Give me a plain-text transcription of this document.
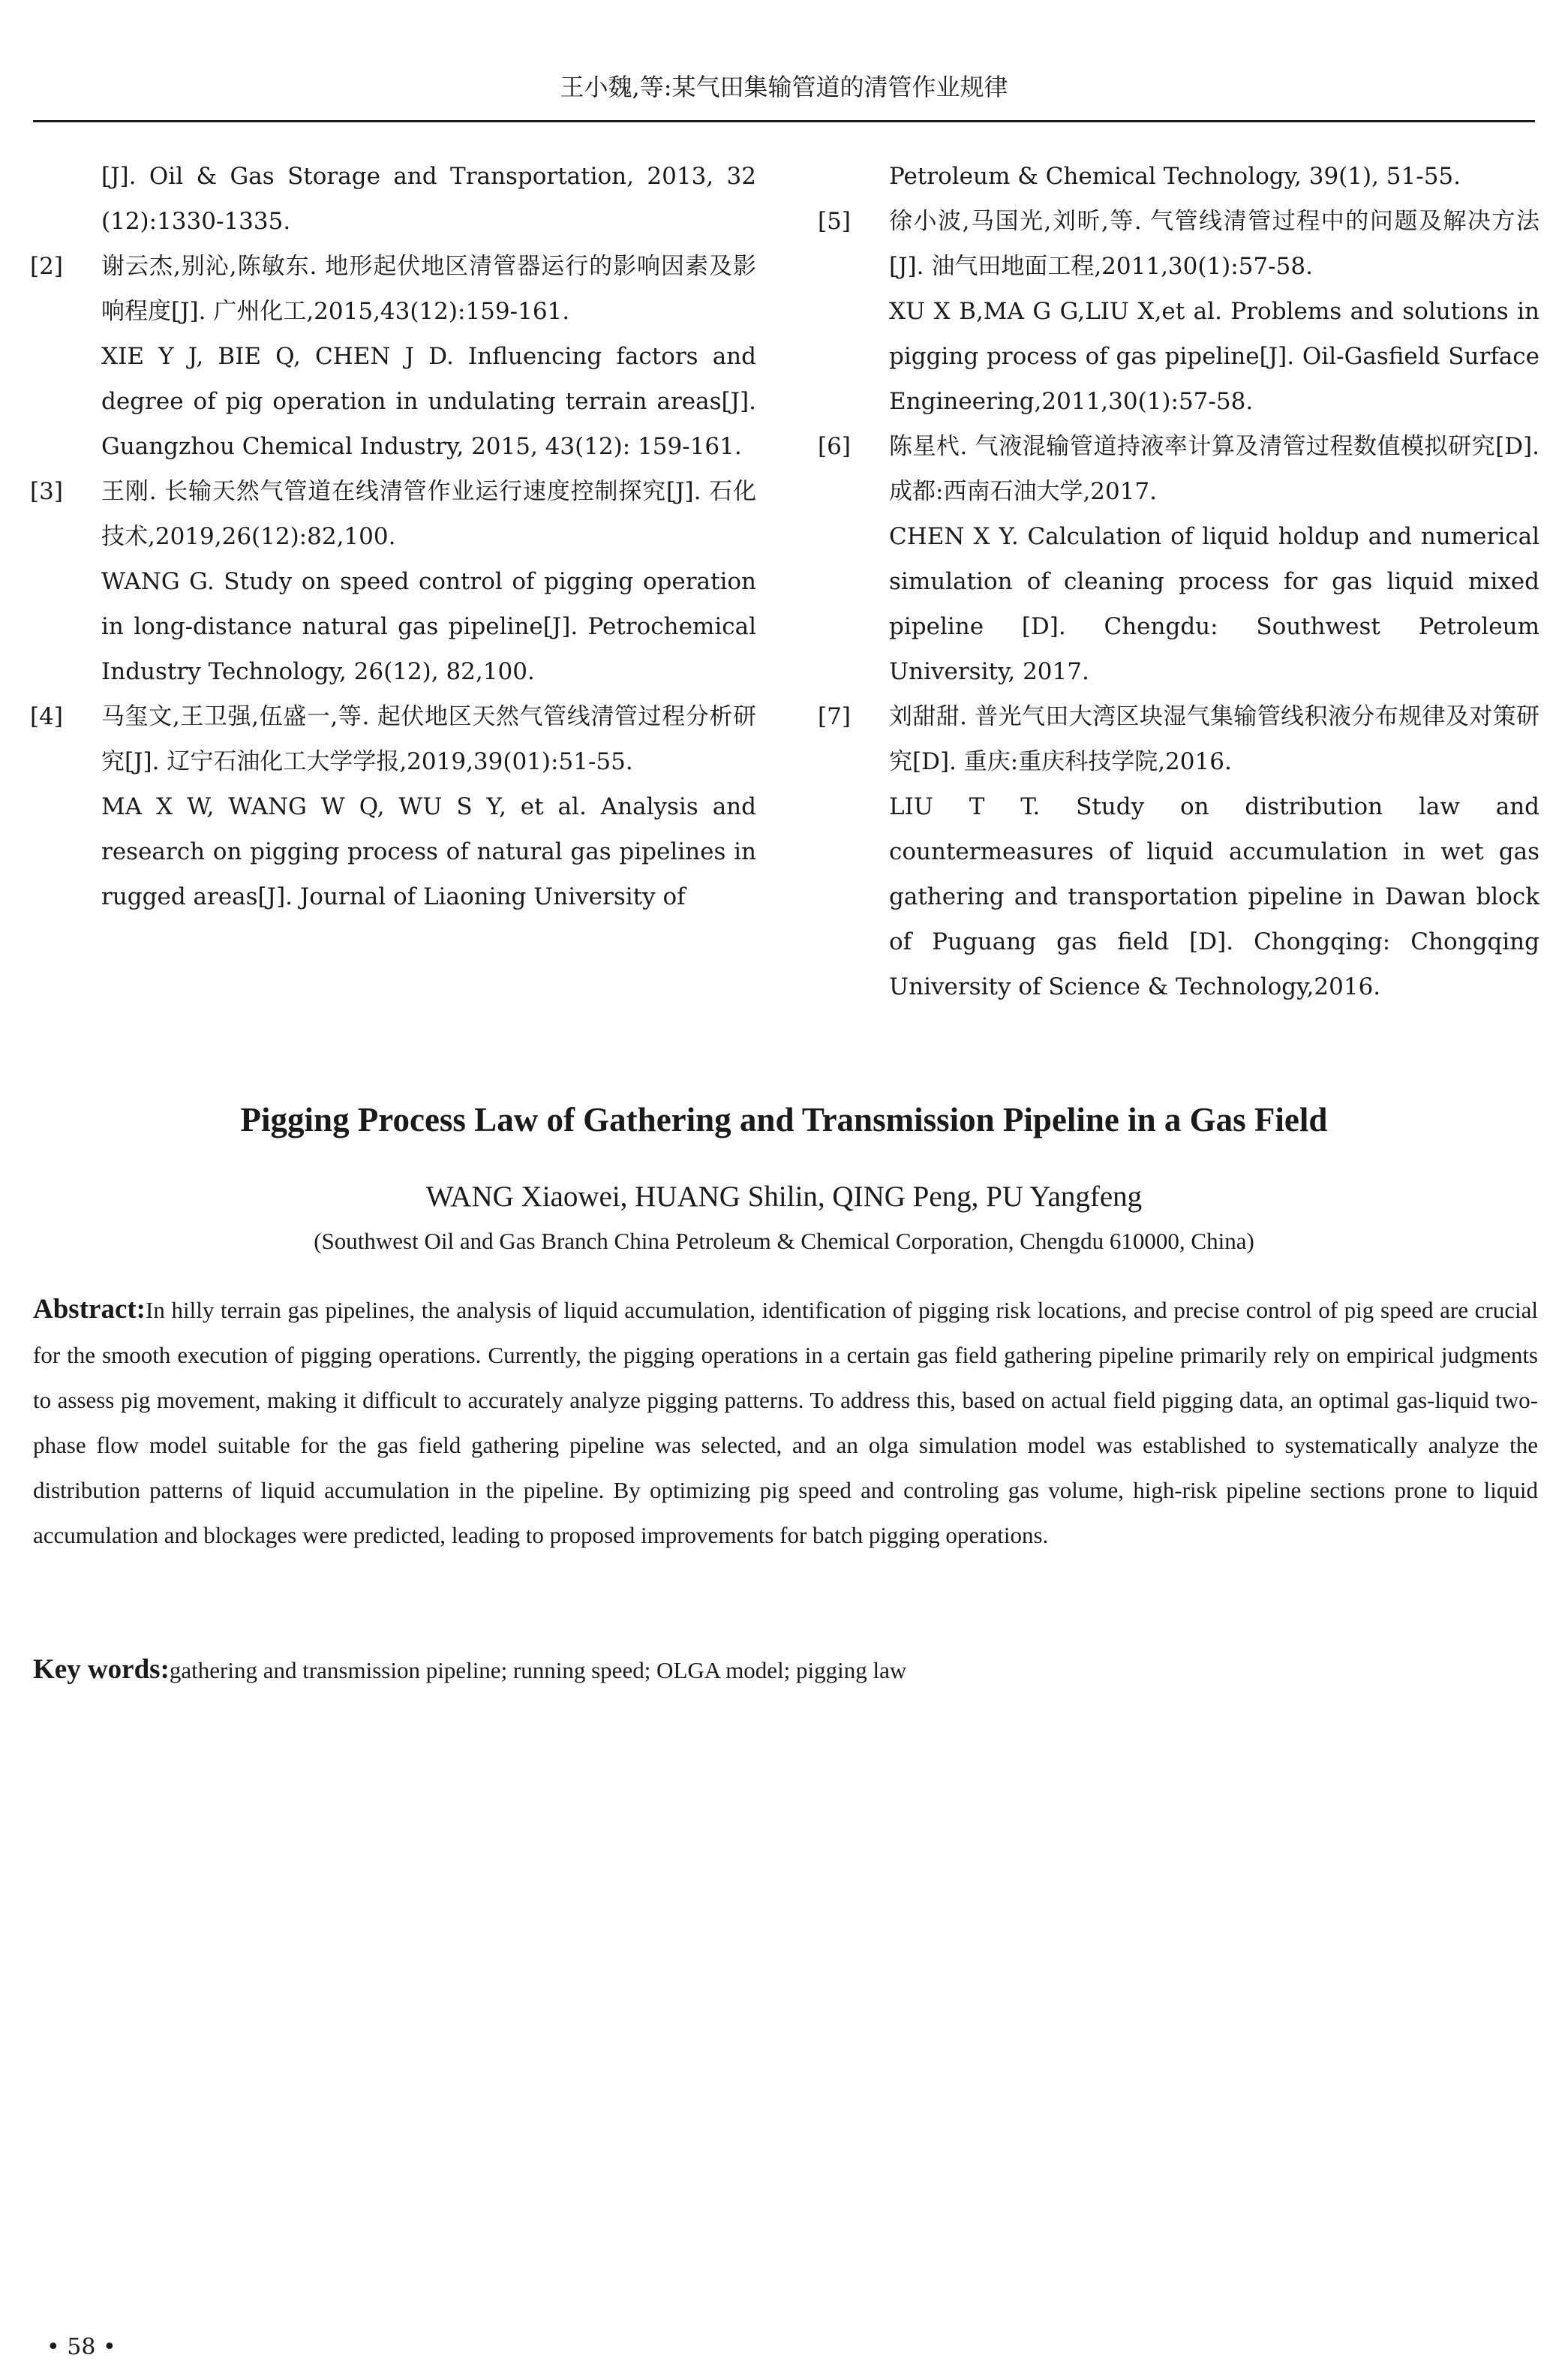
王小魏,等:某气田集输管道的清管作业规律
[J]. Oil & Gas Storage and Transportation, 2013, 32 (12):1330-1335.
[2]	谢云杰,别沁,陈敏东. 地形起伏地区清管器运行的影响因素及影响程度[J]. 广州化工,2015,43(12):159-161.
XIE Y J, BIE Q, CHEN J D. Influencing factors and degree of pig operation in undulating terrain areas[J]. Guangzhou Chemical Industry, 2015, 43(12): 159-161.
[3]	王刚. 长输天然气管道在线清管作业运行速度控制探究[J]. 石化技术,2019,26(12):82,100.
WANG G. Study on speed control of pigging operation in long-distance natural gas pipeline[J]. Petrochemical Industry Technology, 26(12), 82,100.
[4]	马玺文,王卫强,伍盛一,等. 起伏地区天然气管线清管过程分析研究[J]. 辽宁石油化工大学学报,2019,39(01):51-55.
MA X W, WANG W Q, WU S Y, et al. Analysis and research on pigging process of natural gas pipelines in rugged areas[J]. Journal of Liaoning University of
Petroleum & Chemical Technology, 39(1), 51-55.
[5]	徐小波,马国光,刘昕,等. 气管线清管过程中的问题及解决方法[J]. 油气田地面工程,2011,30(1):57-58.
XU X B,MA G G,LIU X,et al. Problems and solutions in pigging process of gas pipeline[J]. Oil-Gasfield Surface Engineering,2011,30(1):57-58.
[6]	陈星杙. 气液混输管道持液率计算及清管过程数值模拟研究[D]. 成都:西南石油大学,2017.
CHEN X Y. Calculation of liquid holdup and numerical simulation of cleaning process for gas liquid mixed pipeline [D]. Chengdu: Southwest Petroleum University, 2017.
[7]	刘甜甜. 普光气田大湾区块湿气集输管线积液分布规律及对策研究[D]. 重庆:重庆科技学院,2016.
LIU T T. Study on distribution law and countermeasures of liquid accumulation in wet gas gathering and transportation pipeline in Dawan block of Puguang gas field [D]. Chongqing: Chongqing University of Science & Technology,2016.
Pigging Process Law of Gathering and Transmission Pipeline in a Gas Field
WANG Xiaowei, HUANG Shilin, QING Peng, PU Yangfeng
(Southwest Oil and Gas Branch China Petroleum & Chemical Corporation, Chengdu 610000, China)
Abstract:In hilly terrain gas pipelines, the analysis of liquid accumulation, identification of pigging risk locations, and precise control of pig speed are crucial for the smooth execution of pigging operations. Currently, the pigging operations in a certain gas field gathering pipeline primarily rely on empirical judgments to assess pig movement, making it difficult to accurately analyze pigging patterns. To address this, based on actual field pigging data, an optimal gas-liquid two-phase flow model suitable for the gas field gathering pipeline was selected, and an olga simulation model was established to systematically analyze the distribution patterns of liquid accumulation in the pipeline. By optimizing pig speed and controling gas volume, high-risk pipeline sections prone to liquid accumulation and blockages were predicted, leading to proposed improvements for batch pigging operations.
Key words:gathering and transmission pipeline; running speed; OLGA model; pigging law
• 58 •
